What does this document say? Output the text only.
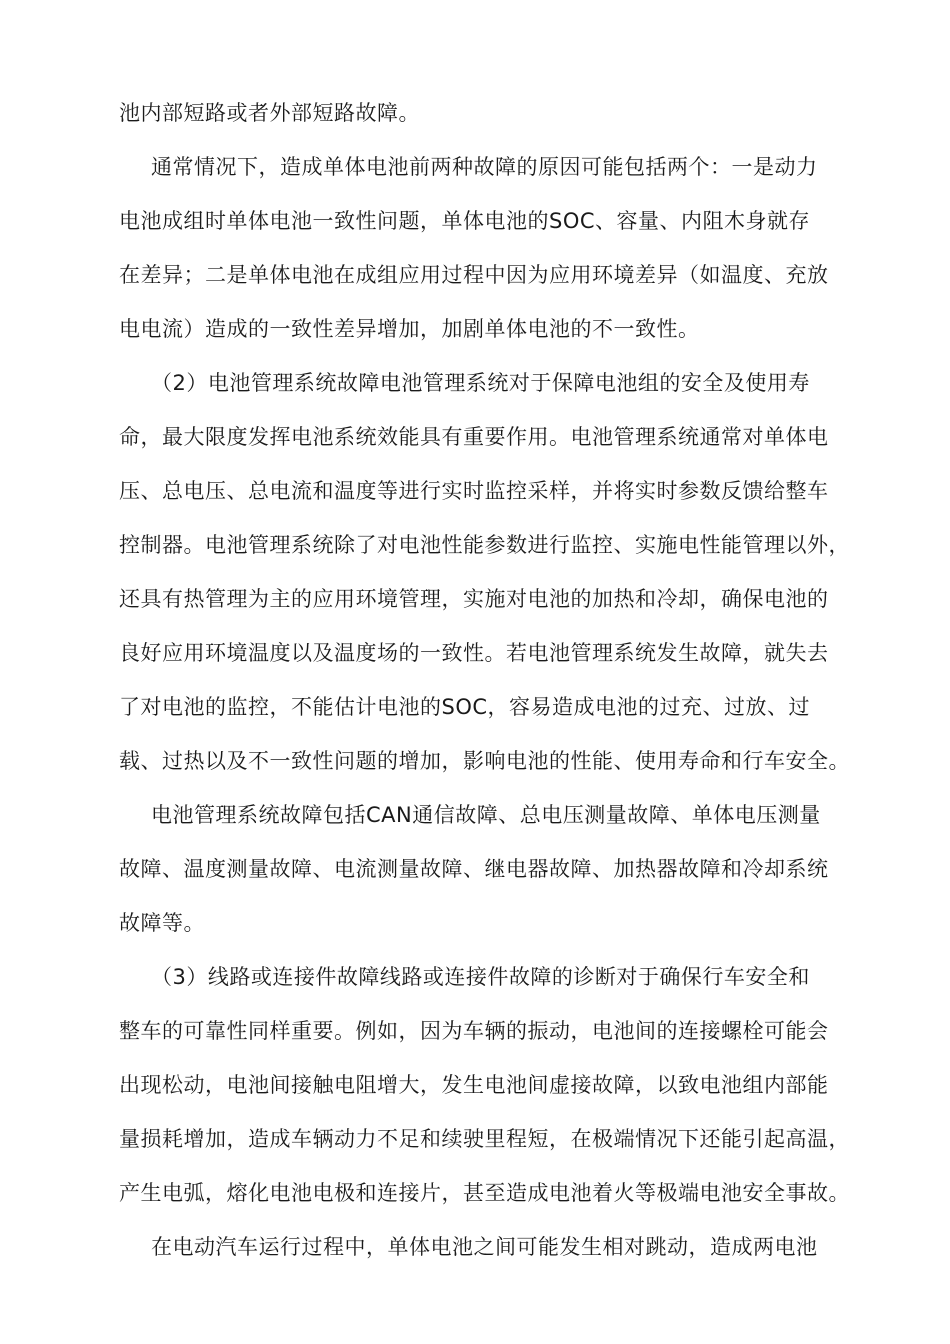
池内部短路或者外部短路故障。
通常情况下，造成单体电池前两种故障的原因可能包括两个：一是动力
电池成组时单体电池一致性问题，单体电池的SOC、容量、内阻木身就存
在差异；二是单体电池在成组应用过程中因为应用环境差异（如温度、充放
电电流）造成的一致性差异增加，加剧单体电池的不一致性。
（2）电池管理系统故障电池管理系统对于保障电池组的安全及使用寿
命，最大限度发挥电池系统效能具有重要作用。电池管理系统通常对单体电
压、总电压、总电流和温度等进行实时监控采样，并将实时参数反馈给整车
控制器。电池管理系统除了对电池性能参数进行监控、实施电性能管理以外，
还具有热管理为主的应用环境管理，实施对电池的加热和冷却，确保电池的
良好应用环境温度以及温度场的一致性。若电池管理系统发生故障，就失去
了对电池的监控，不能估计电池的SOC，容易造成电池的过充、过放、过
载、过热以及不一致性问题的增加，影响电池的性能、使用寿命和行车安全。
电池管理系统故障包括CAN通信故障、总电压测量故障、单体电压测量
故障、温度测量故障、电流测量故障、继电器故障、加热器故障和冷却系统
故障等。
（3）线路或连接件故障线路或连接件故障的诊断对于确保行车安全和
整车的可靠性同样重要。例如，因为车辆的振动，电池间的连接螺栓可能会
出现松动，电池间接触电阻增大，发生电池间虚接故障，以致电池组内部能
量损耗增加，造成车辆动力不足和续驶里程短，在极端情况下还能引起高温，
产生电弧，熔化电池电极和连接片，甚至造成电池着火等极端电池安全事故。
在电动汽车运行过程中，单体电池之间可能发生相对跳动，造成两电池
